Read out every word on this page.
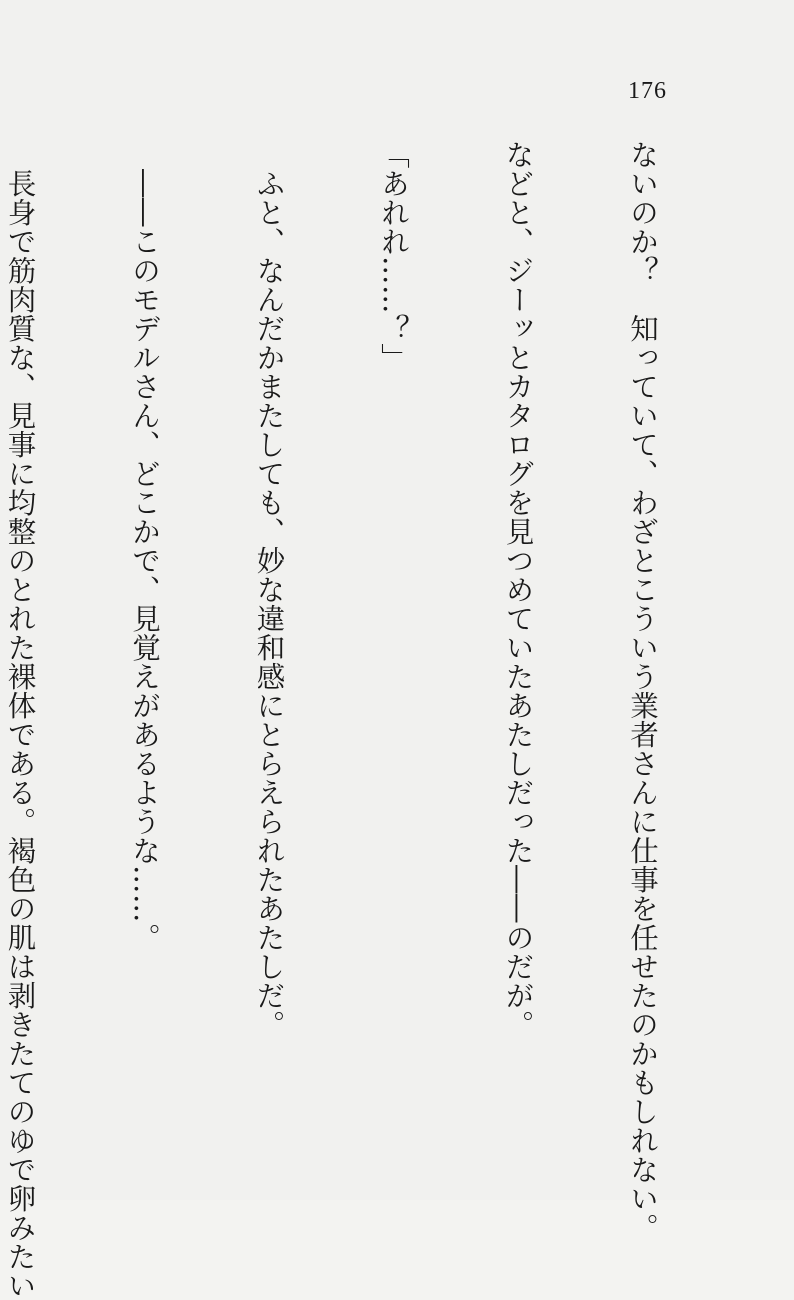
176

ないのか？　知っていて、わざとこういう業者さんに仕事を任せたのかもしれない。

などと、ジーッとカタログを見つめていたあたしだった――のだが。

「あれれ……？」

　ふと、なんだかまたしても、妙な違和感にとらえられたあたしだ。

　――このモデルさん、どこかで、見覚えがあるような……。

　長身で筋肉質な、見事に均整のとれた裸体である。褐色の肌は剥きたてのゆで卵みたい
